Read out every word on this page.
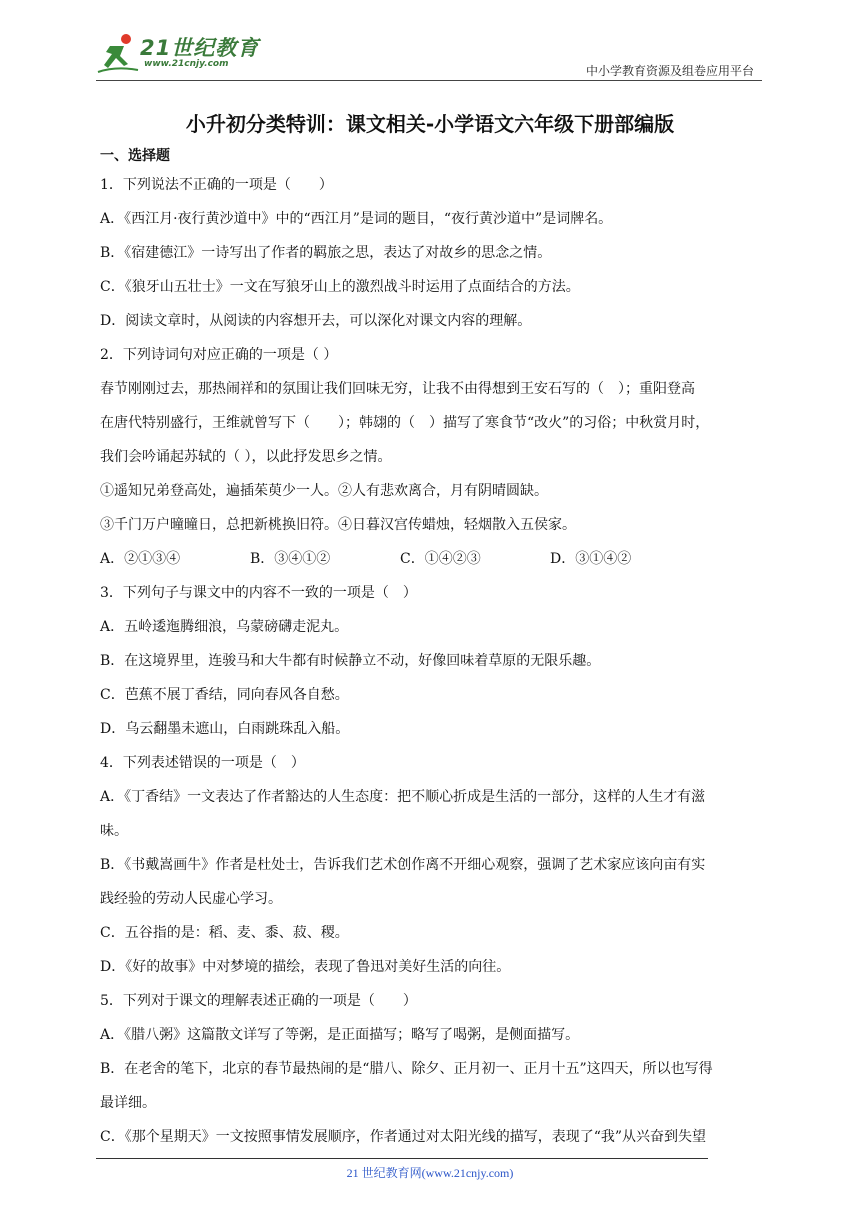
21世纪教育
www.21cnjy.com	中小学教育资源及组卷应用平台
小升初分类特训：课文相关-小学语文六年级下册部编版
一、选择题
1．下列说法不正确的一项是（　　）
A．《西江月·夜行黄沙道中》中的“西江月”是词的题目，“夜行黄沙道中”是词牌名。
B．《宿建德江》一诗写出了作者的羁旅之思，表达了对故乡的思念之情。
C．《狼牙山五壮士》一文在写狼牙山上的激烈战斗时运用了点面结合的方法。
D．阅读文章时，从阅读的内容想开去，可以深化对课文内容的理解。
2．下列诗词句对应正确的一项是（ ）
春节刚刚过去，那热闹祥和的氛围让我们回味无穷，让我不由得想到王安石写的（　）；重阳登高
在唐代特别盛行，王维就曾写下（　　）；韩翃的（　）描写了寒食节“改火”的习俗；中秋赏月时，
我们会吟诵起苏轼的（ ），以此抒发思乡之情。
①遥知兄弟登高处，遍插茱萸少一人。②人有悲欢离合，月有阴晴圆缺。
③千门万户曈曈日，总把新桃换旧符。④日暮汉宫传蜡烛，轻烟散入五侯家。
A．②①③④	B．③④①②	C．①④②③	D．③①④②
3．下列句子与课文中的内容不一致的一项是（　）
A．五岭逶迤腾细浪，乌蒙磅礴走泥丸。
B．在这境界里，连骏马和大牛都有时候静立不动，好像回味着草原的无限乐趣。
C．芭蕉不展丁香结，同向春风各自愁。
D．乌云翻墨未遮山，白雨跳珠乱入船。
4．下列表述错误的一项是（　）
A．《丁香结》一文表达了作者豁达的人生态度：把不顺心折成是生活的一部分，这样的人生才有滋
味。
B．《书戴嵩画牛》作者是杜处士，告诉我们艺术创作离不开细心观察，强调了艺术家应该向亩有实
践经验的劳动人民虚心学习。
C．五谷指的是：稻、麦、黍、菽、稷。
D．《好的故事》中对梦境的描绘，表现了鲁迅对美好生活的向往。
5．下列对于课文的理解表述正确的一项是（　　）
A．《腊八粥》这篇散文详写了等粥，是正面描写；略写了喝粥，是侧面描写。
B．在老舍的笔下，北京的春节最热闹的是“腊八、除夕、正月初一、正月十五”这四天，所以也写得
最详细。
C．《那个星期天》一文按照事情发展顺序，作者通过对太阳光线的描写，表现了“我”从兴奋到失望
21 世纪教育网(www.21cnjy.com)
